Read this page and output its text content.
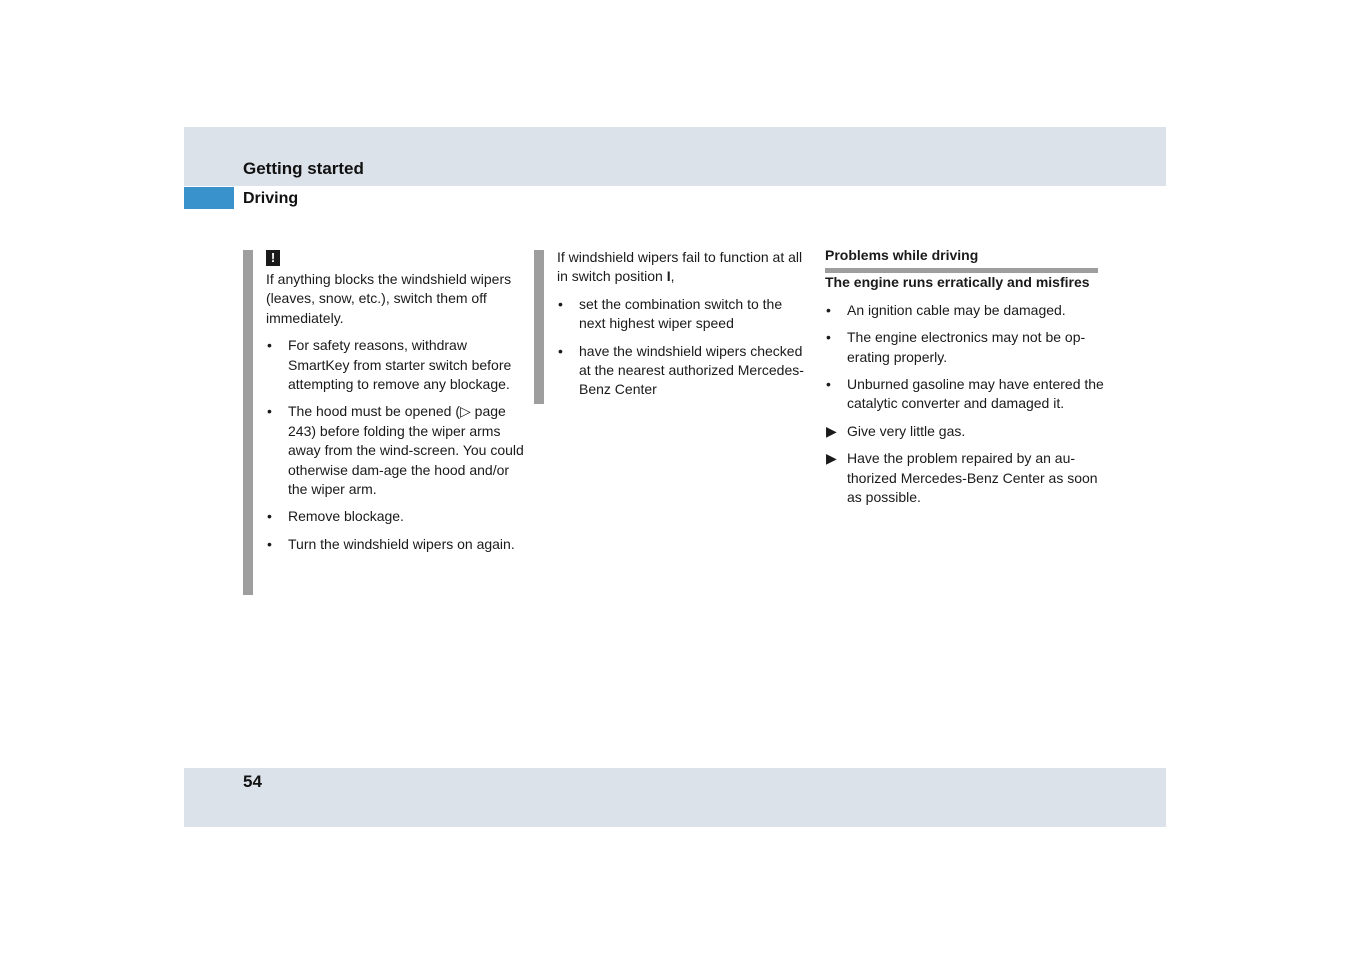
Getting started
Driving
!

If anything blocks the windshield wipers (leaves, snow, etc.), switch them off immediately.

•	For safety reasons, withdraw SmartKey from starter switch before attempting to remove any blockage.
•	The hood must be opened (▷ page 243) before folding the wiper arms away from the wind-screen. You could otherwise dam-age the hood and/or the wiper arm.
•	Remove blockage.
•	Turn the windshield wipers on again.

If windshield wipers fail to function at all in switch position I,

•	set the combination switch to the next highest wiper speed
•	have the windshield wipers checked at the nearest authorized Mercedes-Benz Center
Problems while driving

The engine runs erratically and misfires

•	An ignition cable may be damaged.
•	The engine electronics may not be op-erating properly.
•	Unburned gasoline may have entered the catalytic converter and damaged it.
▶ Give very little gas.
▶ Have the problem repaired by an au-thorized Mercedes-Benz Center as soon as possible.
54
